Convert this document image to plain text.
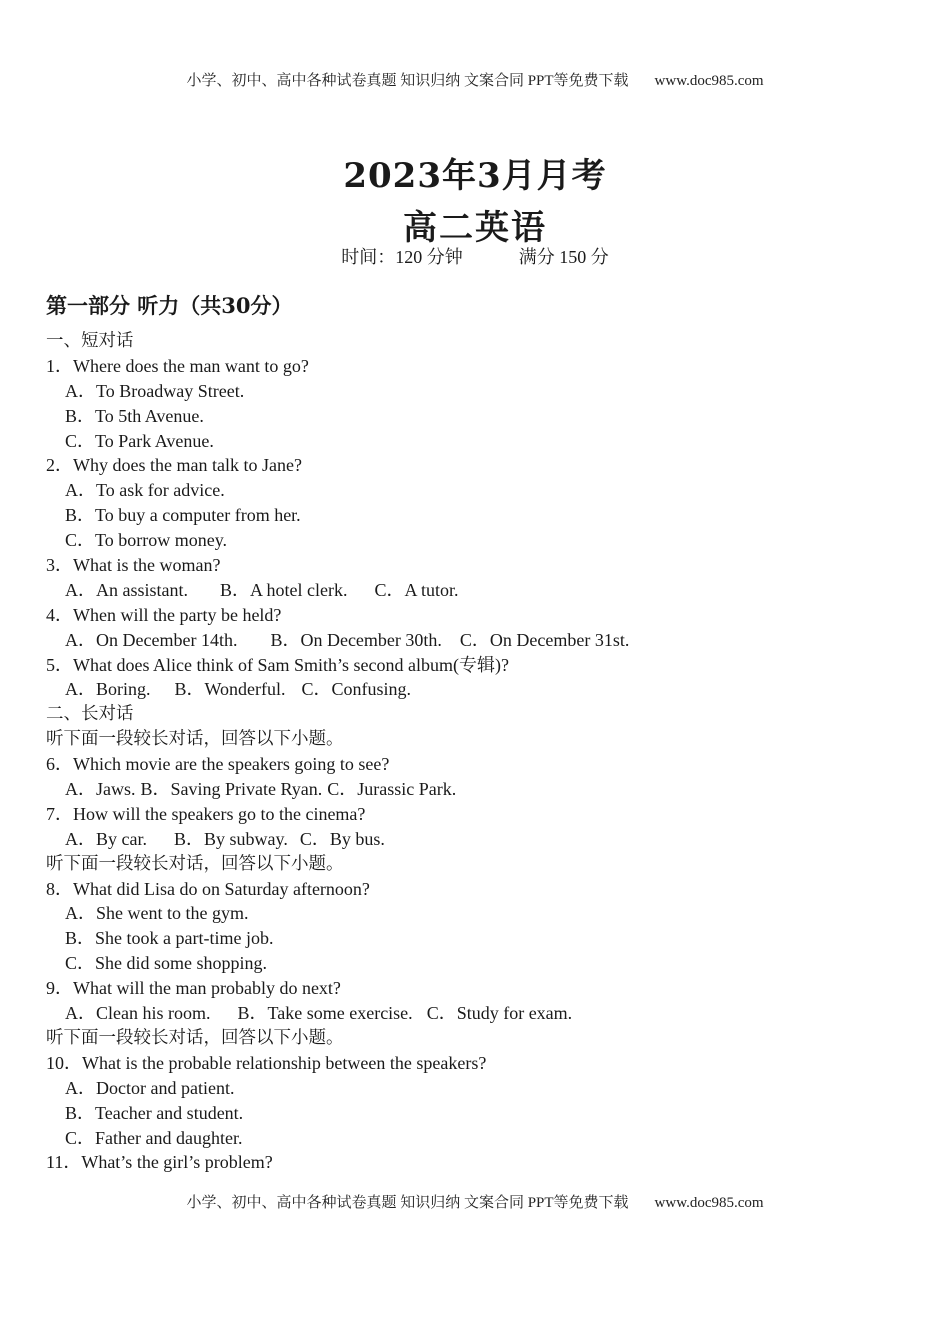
小学、初中、高中各种试卷真题 知识归纳 文案合同 PPT等免费下载 www.doc985.com
2023年3月月考
高二英语
时间：120 分钟	满分 150 分
第一部分 听力（共30分）
一、短对话
1．Where does the man want to go?
A．To Broadway Street.
B．To 5th Avenue.
C．To Park Avenue.
2．Why does the man talk to Jane?
A．To ask for advice.
B．To buy a computer from her.
C．To borrow money.
3．What is the woman?
A．An assistant. B．A hotel clerk. C．A tutor.
4．When will the party be held?
A．On December 14th. B．On December 30th. C．On December 31st.
5．What does Alice think of Sam Smith’s second album(专辑)?
A．Boring. B．Wonderful. C．Confusing.
二、长对话
听下面一段较长对话，回答以下小题。
6．Which movie are the speakers going to see?
A．Jaws. B．Saving Private Ryan. C．Jurassic Park.
7．How will the speakers go to the cinema?
A．By car. B．By subway. C．By bus.
听下面一段较长对话，回答以下小题。
8．What did Lisa do on Saturday afternoon?
A．She went to the gym.
B．She took a part-time job.
C．She did some shopping.
9．What will the man probably do next?
A．Clean his room. B．Take some exercise. C．Study for exam.
听下面一段较长对话，回答以下小题。
10．What is the probable relationship between the speakers?
A．Doctor and patient.
B．Teacher and student.
C．Father and daughter.
11．What’s the girl’s problem?
小学、初中、高中各种试卷真题 知识归纳 文案合同 PPT等免费下载 www.doc985.com
